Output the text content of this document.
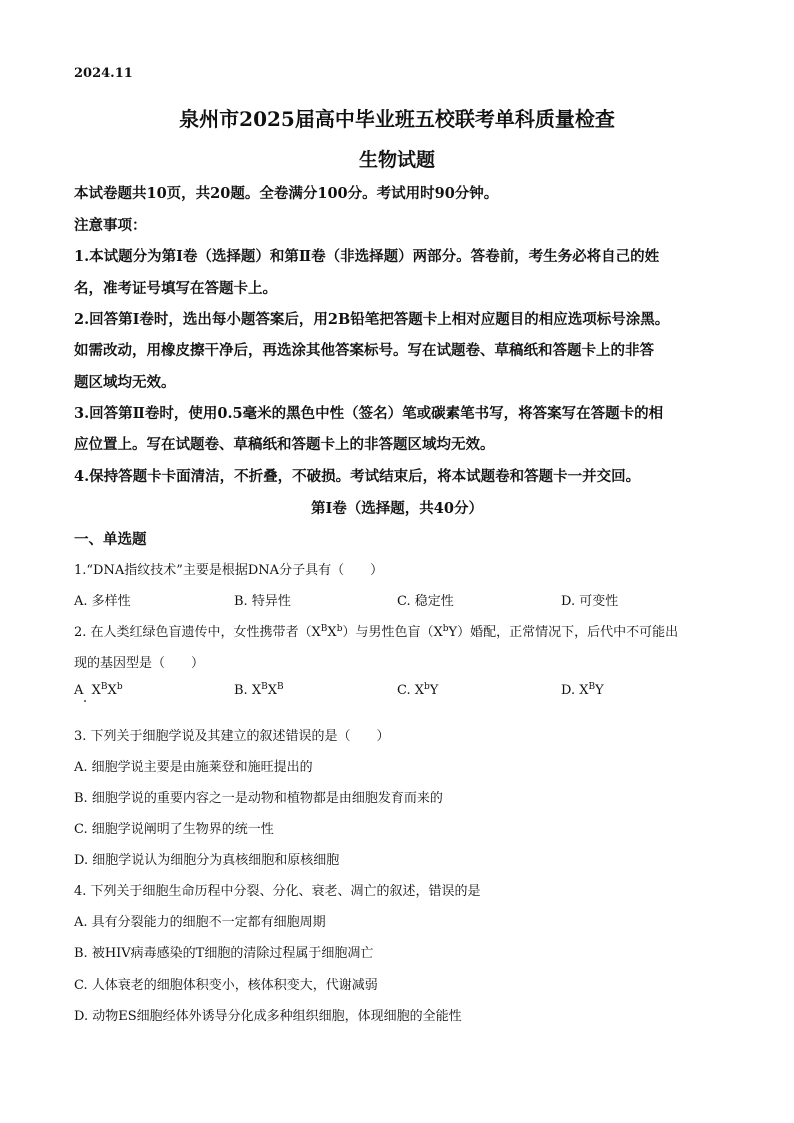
2024.11
泉州市2025届高中毕业班五校联考单科质量检查
生物试题
本试卷题共10页，共20题。全卷满分100分。考试用时90分钟。
注意事项：
1.本试题分为第Ⅰ卷（选择题）和第Ⅱ卷（非选择题）两部分。答卷前，考生务必将自己的姓
名，准考证号填写在答题卡上。
2.回答第Ⅰ卷时，选出每小题答案后，用2B铅笔把答题卡上相对应题目的相应选项标号涂黑。
如需改动，用橡皮擦干净后，再选涂其他答案标号。写在试题卷、草稿纸和答题卡上的非答
题区域均无效。
3.回答第Ⅱ卷时，使用0.5毫米的黑色中性（签名）笔或碳素笔书写，将答案写在答题卡的相
应位置上。写在试题卷、草稿纸和答题卡上的非答题区域均无效。
4.保持答题卡卡面清洁，不折叠，不破损。考试结束后，将本试题卷和答题卡一并交回。
第Ⅰ卷（选择题，共40分）
一、单选题
1.“DNA指纹技术”主要是根据DNA分子具有（　　）
A. 多样性	B. 特异性	C. 稳定性	D. 可变性
2. 在人类红绿色盲遗传中，女性携带者$(X^BX^b)$与男性色盲$(X^bY)$婚配，正常情况下，后代中不可能出
现的基因型是（　　）
A $X^BX^b$	B. $X^BX^B$	C. $X^bY$	D. $X^BY$
3. 下列关于细胞学说及其建立的叙述错误的是（　　）
A. 细胞学说主要是由施莱登和施旺提出的
B. 细胞学说的重要内容之一是动物和植物都是由细胞发育而来的
C. 细胞学说阐明了生物界的统一性
D. 细胞学说认为细胞分为真核细胞和原核细胞
4. 下列关于细胞生命历程中分裂、分化、衰老、凋亡的叙述，错误的是
A. 具有分裂能力的细胞不一定都有细胞周期
B. 被HIV病毒感染的T细胞的清除过程属于细胞凋亡
C. 人体衰老的细胞体积变小，核体积变大，代谢减弱
D. 动物ES细胞经体外诱导分化成多种组织细胞，体现细胞的全能性
